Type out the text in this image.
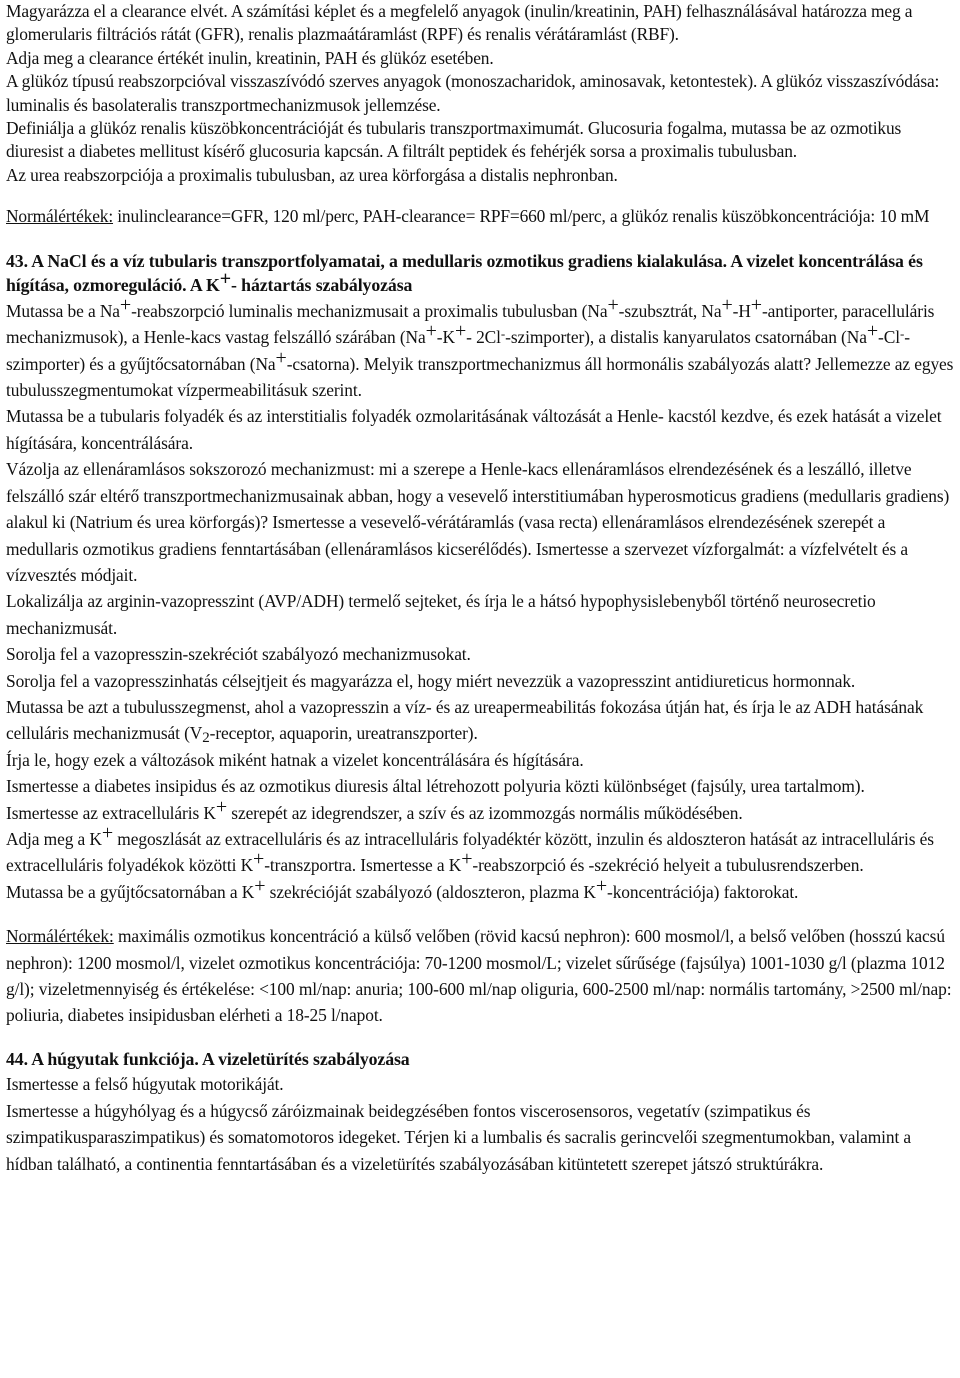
Magyarázza el a clearance elvét. A számítási képlet és a megfelelő anyagok (inulin/kreatinin, PAH) felhasználásával határozza meg a glomerularis filtrációs rátát (GFR), renalis plazmaátáramlást (RPF) és renalis vérátáramlást (RBF).

Adja meg a clearance értékét inulin, kreatinin, PAH és glükóz esetében.

A glükóz típusú reabszorpcióval visszaszívódó szerves anyagok (monoszacharidok, aminosavak, ketontestek). A glükóz visszaszívódása: luminalis és basolateralis transzportmechanizmusok jellemzése.

Definiálja a glükóz renalis küszöbkoncentrációját és tubularis transzportmaximumát. Glucosuria fogalma, mutassa be az ozmotikus diuresist a diabetes mellitust kísérő glucosuria kapcsán. A filtrált peptidek és fehérjék sorsa a proximalis tubulusban.

Az urea reabszorpciója a proximalis tubulusban, az urea körforgása a distalis nephronban.

Normálértékek: inulinclearance=GFR, 120 ml/perc, PAH-clearance= RPF=660 ml/perc, a glükóz renalis küszöbkoncentrációja: 10 mM

43. A NaCl és a víz tubularis transzportfolyamatai, a medullaris ozmotikus gradiens kialakulása. A vizelet koncentrálása és hígítása, ozmoreguláció. A K+- háztartás szabályozása

Mutassa be a Na+-reabszorpció luminalis mechanizmusait a proximalis tubulusban (Na+-szubsztrát, Na+-H+-antiporter, paracelluláris mechanizmusok), a Henle-kacs vastag felszálló szárában (Na+-K+- 2Cl--szimporter), a distalis kanyarulatos csatornában (Na+-Cl--szimporter) és a gyűjtőcsatornában (Na+-csatorna). Melyik transzportmechanizmus áll hormonális szabályozás alatt? Jellemezze az egyes tubulusszegmentumokat vízpermeabilitásuk szerint.

Mutassa be a tubularis folyadék és az interstitialis folyadék ozmolaritásának változását a Henle- kacstól kezdve, és ezek hatását a vizelet hígítására, koncentrálására.

Vázolja az ellenáramlásos sokszorozó mechanizmust: mi a szerepe a Henle-kacs ellenáramlásos elrendezésének és a leszálló, illetve felszálló szár eltérő transzportmechanizmusainak abban, hogy a vesevelő interstitiumában hyperosmoticus gradiens (medullaris gradiens) alakul ki (Natrium és urea körforgás)? Ismertesse a vesevelő-vérátáramlás (vasa recta) ellenáramlásos elrendezésének szerepét a medullaris ozmotikus gradiens fenntartásában (ellenáramlásos kicserélődés). Ismertesse a szervezet vízforgalmát: a vízfelvételt és a vízvesztés módjait.

Lokalizálja az arginin-vazopresszint (AVP/ADH) termelő sejteket, és írja le a hátsó hypophysislebenyből történő neurosecretio mechanizmusát.

Sorolja fel a vazopresszin-szekréciót szabályozó mechanizmusokat.

Sorolja fel a vazopresszinhatás célsejtjeit és magyarázza el, hogy miért nevezzük a vazopresszint antidiureticus hormonnak.

Mutassa be azt a tubulusszegmenst, ahol a vazopresszin a víz- és az ureapermeabilitás fokozása útján hat, és írja le az ADH hatásának celluláris mechanizmusát (V2-receptor, aquaporin, ureatranszporter).

Írja le, hogy ezek a változások miként hatnak a vizelet koncentrálására és hígítására.

Ismertesse a diabetes insipidus és az ozmotikus diuresis által létrehozott polyuria közti különbséget (fajsúly, urea tartalmom).

Ismertesse az extracelluláris K+ szerepét az idegrendszer, a szív és az izommozgás normális működésében.

Adja meg a K+ megoszlását az extracelluláris és az intracelluláris folyadéktér között, inzulin és aldoszteron hatását az intracelluláris és extracelluláris folyadékok közötti K+-transzportra. Ismertesse a K+-reabszorpció és -szekréció helyeit a tubulusrendszerben.

Mutassa be a gyűjtőcsatornában a K+ szekrécióját szabályozó (aldoszteron, plazma K+-koncentrációja) faktorokat.

Normálértékek: maximális ozmotikus koncentráció a külső velőben (rövid kacsú nephron): 600 mosmol/l, a belső velőben (hosszú kacsú nephron): 1200 mosmol/l, vizelet ozmotikus koncentrációja: 70-1200 mosmol/L; vizelet sűrűsége (fajsúlya) 1001-1030 g/l (plazma 1012 g/l); vizeletmennyiség és értékelése: <100 ml/nap: anuria; 100-600 ml/nap oliguria, 600-2500 ml/nap: normális tartomány, >2500 ml/nap: poliuria, diabetes insipidusban elérheti a 18-25 l/napot.

44. A húgyutak funkciója. A vizeletürítés szabályozása

Ismertesse a felső húgyutak motorikáját.

Ismertesse a húgyhólyag és a húgycső záróizmainak beidegzésében fontos viscerosensoros, vegetatív (szimpatikus és szimpatikusparaszimpatikus) és somatomotoros idegeket. Térjen ki a lumbalis és sacralis gerincvelői szegmentumokban, valamint a hídban található, a continentia fenntartásában és a vizeletürítés szabályozásában kitüntetett szerepet játszó struktúrákra.
